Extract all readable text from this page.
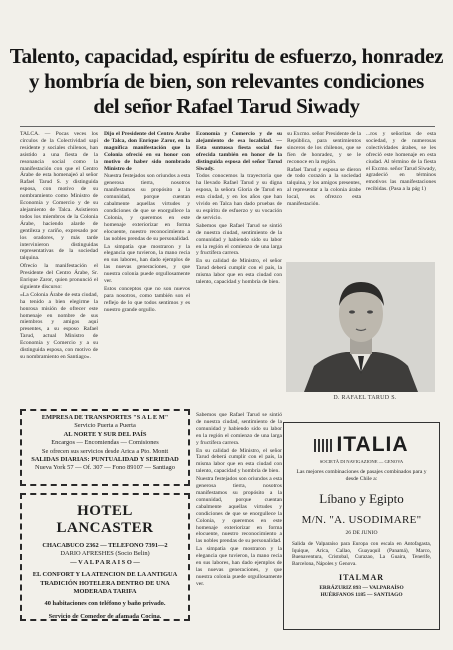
Talento, capacidad, espíritu de esfuerzo, honradez
y hombría de bien, son relevantes condiciones
del señor Rafael Tarud Siwady

TALCA. — Pocas veces los círculos de la Colectividad sapí residente y sociales chilenos, han asistido a una fiesta de la resonancia social como la manifestación con que el Centro Árabe de esta homenajeó al señor Rafael Tarud S. y distinguida esposa, con motivo de su nombramiento como Ministro de Economía y Comercio y de su alejamiento de Talca. Asistieron todos los miembros de la Colonia Árabe, haciendo alarde de gentileza y cariño, expresado por los oradores, y más tarde intervinieron distinguidas representativas de la sociedad talquina.

Ofrecío la manifestación el Presidente del Centro Árabe, Sr. Enrique Zaror, quien pronunció el siguiente discurso:

«La Colonia Árabe de esta ciudad, ha tenido a bien elegirme la honrosa misión de ofrecer este homenaje en nombre de sus miembros y amigos aquí presentes, a su esposo Rafael Tarud, actual Ministro de Economía y Comercio y a su distinguida esposa, con motivo de su nombramiento en Santiago».

Dijo el Presidente del Centro Árabe de Talca, don Enrique Zaror, en la magnífica manifestación que la Colonia ofreció en su honor con motivo de haber sido nombrado Ministro de

Nuestra festejados son oriundos a esta generosa tierra, nosotros manifestamos su propósito a la comunidad, porque cuentan cabalmente aquellas virtudes y condiciones de que se enorgullece la Colonia, y queremos en este homenaje exteriorizar en forma elocuente, nuestro reconocimiento a las nobles prendas de su personalidad.

La simpatía que mostraron y la elegancia que tuvieron, la mano recia en sus labores, han dado ejemplos de las nuevas generaciones, y que nuestra colonia puede orgullosamente ver.

Estos conceptos que no son nuevos para nosotros, como también son el reflejo de lo que todos sentimos y es nuestro grande orgullo.

Economía y Comercio y de su alejamiento de esa localidad. — Esta suntuosa fiesta social fue ofrecida también en honor de la distinguida esposa del señor Tarud Siwady.

Todos conocemos la trayectoria que ha llevado Rafael Tarud y su digna esposa, la señora Gloria de Tarud en esta ciudad, y en los años que han vivido en Talca han dado pruebas de su espíritu de esfuerzo y su vocación de servicio.

Sabemos que Rafael Tarud se sintió de nuestra ciudad, sentimiento de la comunidad y habiendo sido su labor en la región el comienzo de una larga y fructífera carrera.

En su calidad de Ministro, el señor Tarud deberá cumplir con el país, la misma labor que en esta ciudad con talento, capacidad y hombría de bien.

su Excmo. señor Presidente de la República, para sentimientos sinceros de los chilenos, que se fíen de honradez, y se le reconoce en la región.

Rafael Tarud y esposa se dieron de todo corazón a la sociedad talquina, y los amigos presentes, al representar a la colonia árabe local, os ofrezco esta manifestación.

...ros y señoritas de esta sociedad, y de numerosas colectividades árabes, se les ofreció este homenaje en esta ciudad. Al término de la fiesta el Excmo. señor Tarud Siwady, agradeció en términos emotivos las manifestaciones recibidas. (Pasa a la pág 1)

D. RAFAEL TARUD S.

Sabemos que Rafael Tarud se sintió de nuestra ciudad, sentimiento de la comunidad y habiendo sido su labor en la región el comienzo de una larga y fructífera carrera.

En su calidad de Ministro, el señor Tarud deberá cumplir con el país, la misma labor que en esta ciudad con talento, capacidad y hombría de bien.

Nuestra festejados son oriundos a esta generosa tierra, nosotros manifestamos su propósito a la comunidad, porque cuentan cabalmente aquellas virtudes y condiciones de que se enorgullece la Colonia, y queremos en este homenaje exteriorizar en forma elocuente, nuestro reconocimiento a las nobles prendas de su personalidad.

La simpatía que mostraron y la elegancia que tuvieron, la mano recia en sus labores, han dado ejemplos de las nuevas generaciones, y que nuestra colonia puede orgullosamente ver.

EMPRESA DE TRANSPORTES "S A L E M"
Servicio Puerta a Puerta
AL NORTE Y SUR DEL PAÍS
Encargos — Encomiendas — Comisiones
Se ofrecen sus servicios desde Arica a Pto. Montt
SALIDAS DIARIAS: PUNTUALIDAD Y SERIEDAD
Nueva York 57 — Of. 307 — Fono 89107 — Santiago
HOTEL LANCASTER
CHACABUCO 2362 — TELEFONO 7391—2
DARIO AFRESHES (Socio Belin)
— V A L P A R A I S O —
EL CONFORT Y LA ATENCION DE LA ANTIGUA TRADICIÓN HOTELERA DENTRO DE UNA MODERADA TARIFA
40 habitaciones con teléfono y baño privado.
Servicio de Comedor de afamada Cocina.
ITALIA
SOCIETÀ DI NAVIGAZIONE — GENOVA
Las mejores combinaciones de pasajes combinados para y desde Chile a:
Líbano y Egipto
M/N. "A. USODIMARE"
26 DE JUNIO
Salida de Valparaíso para Europa con escala en Antofagasta, Iquique, Arica, Callao, Guayaquil (Panamá), Marco, Buenaventura, Cristobal, Curazao, La Guaira, Tenerife, Barcelona, Nápoles y Genova.
ITALMAR
ERRÁZURIZ 893 — VALPARAÍSO
HUÉRFANOS 1185 — SANTIAGO
